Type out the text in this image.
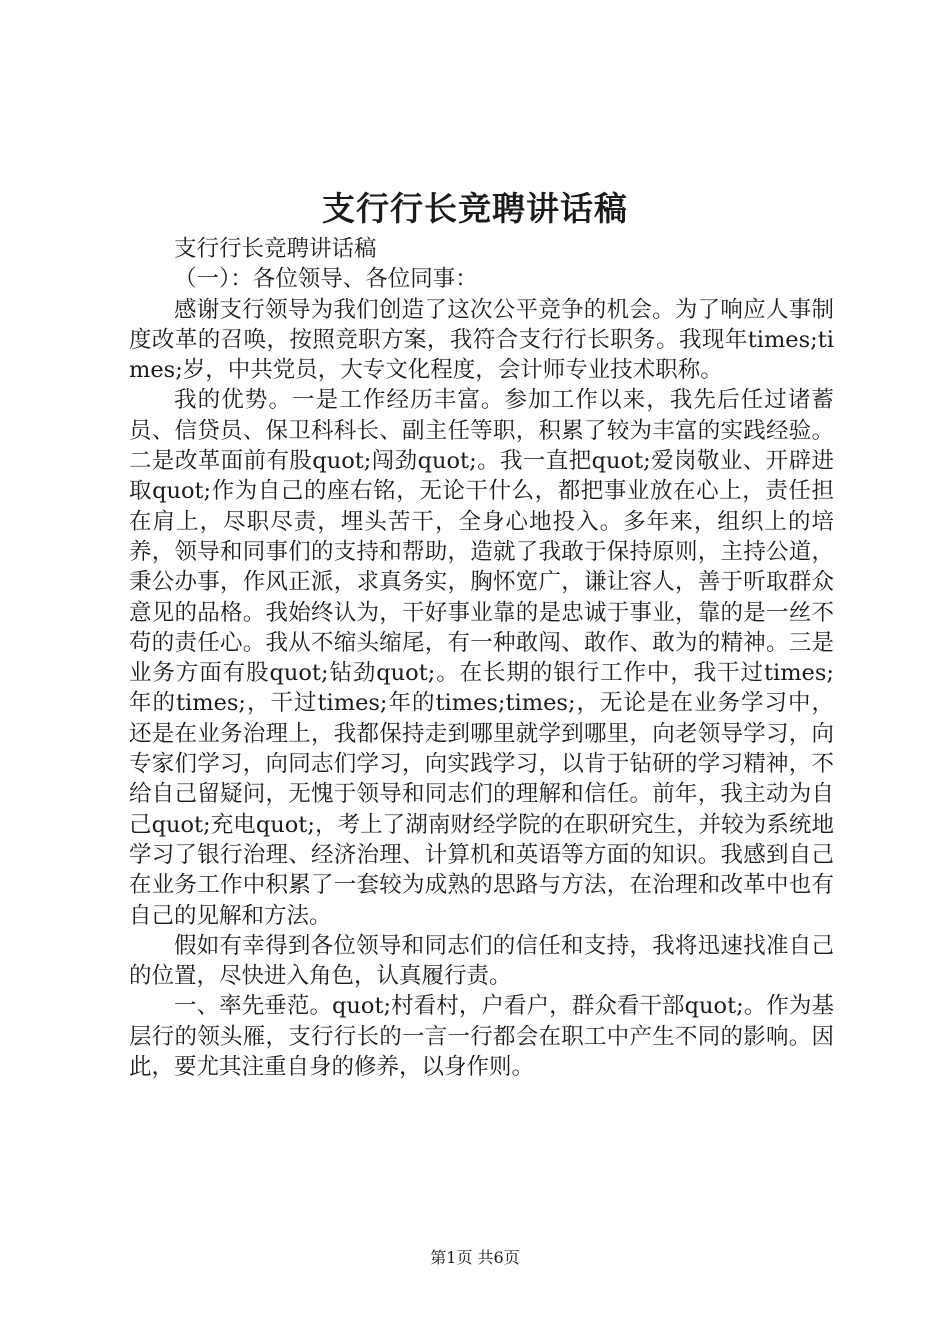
支行行长竞聘讲话稿

支行行长竞聘讲话稿

（一）：各位领导、各位同事：

感谢支行领导为我们创造了这次公平竞争的机会。为了响应人事制度改革的召唤，按照竞职方案，我符合支行行长职务。我现年times;times;岁，中共党员，大专文化程度，会计师专业技术职称。

我的优势。一是工作经历丰富。参加工作以来，我先后任过诸蓄员、信贷员、保卫科科长、副主任等职，积累了较为丰富的实践经验。二是改革面前有股quot;闯劲quot;。我一直把quot;爱岗敬业、开辟进取quot;作为自己的座右铭，无论干什么，都把事业放在心上，责任担在肩上，尽职尽责，埋头苦干，全身心地投入。多年来，组织上的培养，领导和同事们的支持和帮助，造就了我敢于保持原则，主持公道，秉公办事，作风正派，求真务实，胸怀宽广，谦让容人，善于听取群众意见的品格。我始终认为，干好事业靠的是忠诚于事业，靠的是一丝不苟的责任心。我从不缩头缩尾，有一种敢闯、敢作、敢为的精神。三是业务方面有股quot;钻劲quot;。在长期的银行工作中，我干过times;年的times;，干过times;年的times;times;，无论是在业务学习中，还是在业务治理上，我都保持走到哪里就学到哪里，向老领导学习，向专家们学习，向同志们学习，向实践学习，以肯于钻研的学习精神，不给自己留疑问，无愧于领导和同志们的理解和信任。前年，我主动为自己quot;充电quot;，考上了湖南财经学院的在职研究生，并较为系统地学习了银行治理、经济治理、计算机和英语等方面的知识。我感到自己在业务工作中积累了一套较为成熟的思路与方法，在治理和改革中也有自己的见解和方法。

假如有幸得到各位领导和同志们的信任和支持，我将迅速找准自己的位置，尽快进入角色，认真履行责。

一、率先垂范。quot;村看村，户看户，群众看干部quot;。作为基层行的领头雁，支行行长的一言一行都会在职工中产生不同的影响。因此，要尤其注重自身的修养，以身作则。

第1页 共6页
